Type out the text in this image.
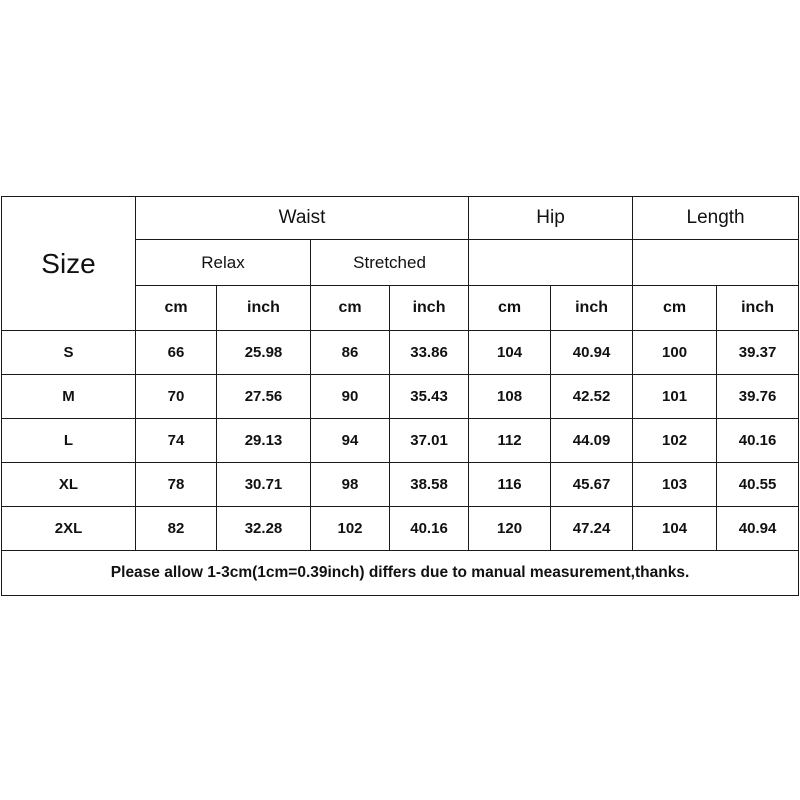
Size	Waist				Hip		Length	
	Relax		Stretched					
	cm	inch	cm	inch	cm	inch	cm	inch
S	66	25.98	86	33.86	104	40.94	100	39.37
M	70	27.56	90	35.43	108	42.52	101	39.76
L	74	29.13	94	37.01	112	44.09	102	40.16
XL	78	30.71	98	38.58	116	45.67	103	40.55
2XL	82	32.28	102	40.16	120	47.24	104	40.94
Please allow 1-3cm(1cm=0.39inch) differs due to manual measurement,thanks.								
